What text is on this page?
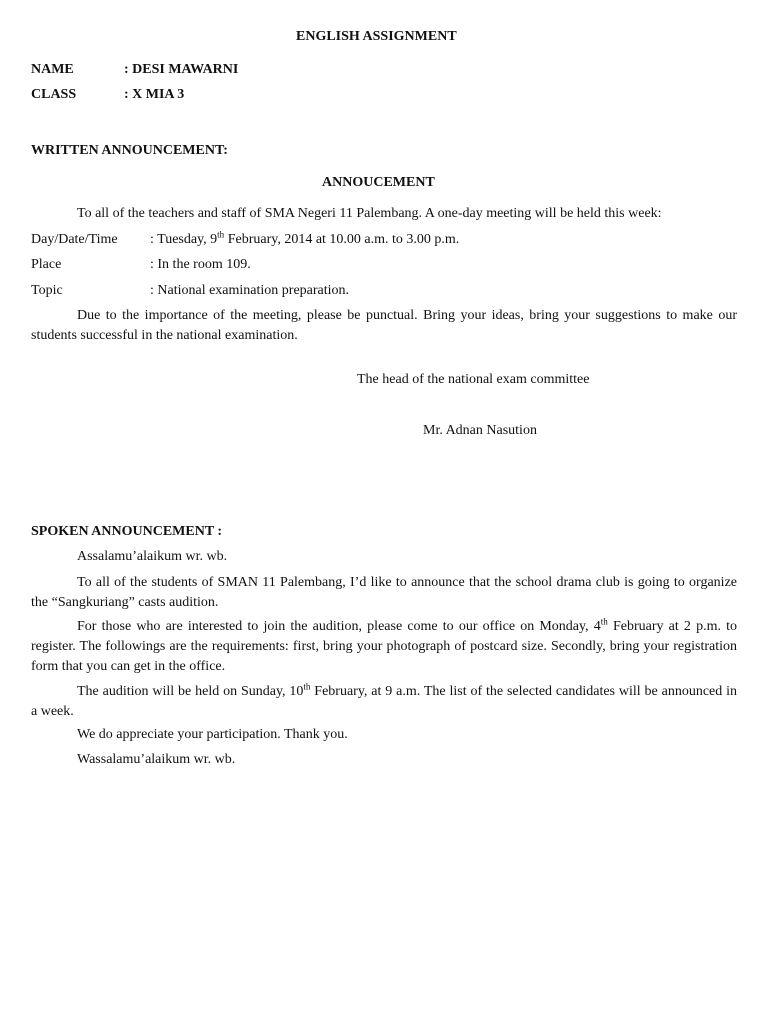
ENGLISH ASSIGNMENT
NAME	: DESI MAWARNI
CLASS	: X MIA 3
WRITTEN ANNOUNCEMENT:
ANNOUCEMENT
To all of the teachers and staff of SMA Negeri 11 Palembang. A one-day meeting will be held this week:
Day/Date/Time : Tuesday, 9th February, 2014 at 10.00 a.m. to 3.00 p.m.
Place	: In the room 109.
Topic	: National examination preparation.
Due to the importance of the meeting, please be punctual. Bring your ideas, bring your suggestions to make our students successful in the national examination.
The head of the national exam committee
Mr. Adnan Nasution
SPOKEN ANNOUNCEMENT :
Assalamu’alaikum wr. wb.
To all of the students of SMAN 11 Palembang, I’d like to announce that the school drama club is going to organize the “Sangkuriang” casts audition.
For those who are interested to join the audition, please come to our office on Monday, 4th February at 2 p.m. to register. The followings are the requirements: first, bring your photograph of postcard size. Secondly, bring your registration form that you can get in the office.
The audition will be held on Sunday, 10th February, at 9 a.m. The list of the selected candidates will be announced in a week.
We do appreciate your participation. Thank you.
Wassalamu’alaikum wr. wb.
